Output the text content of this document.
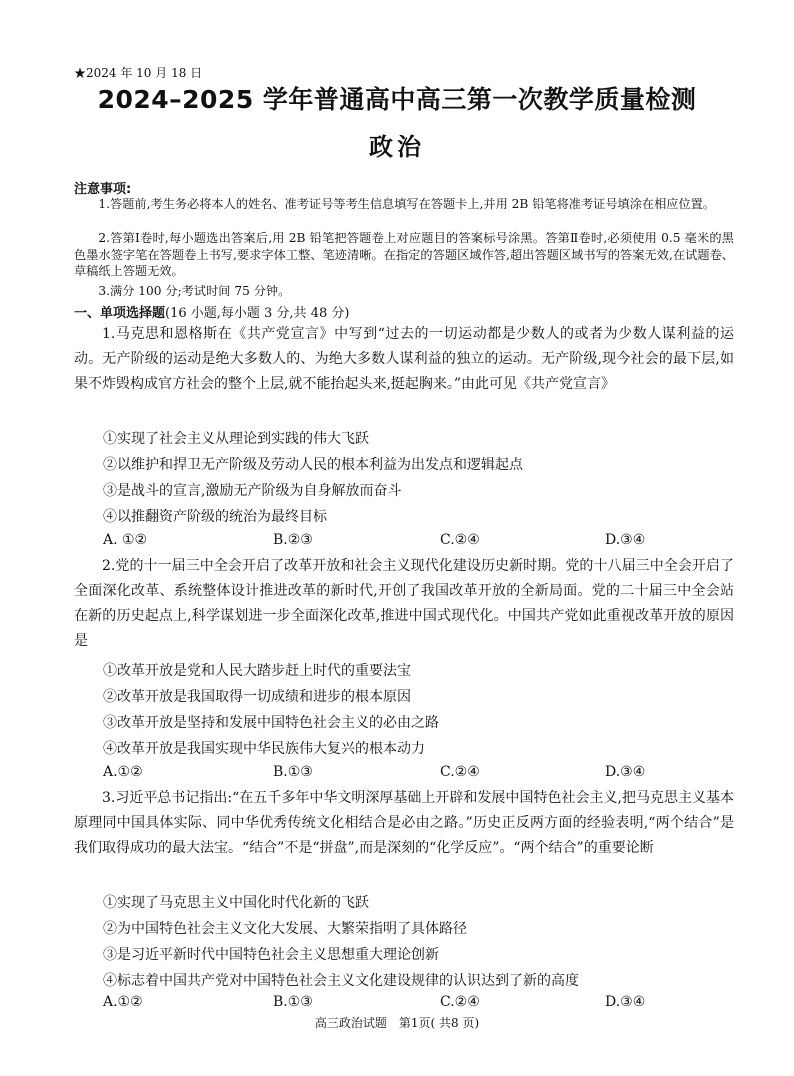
★2024 年 10 月 18 日
2024–2025 学年普通高中高三第一次教学质量检测
政治
注意事项:

1.答题前,考生务必将本人的姓名、准考证号等考生信息填写在答题卡上,并用 2B 铅笔将准考证号填涂在相应位置。

2.答第Ⅰ卷时,每小题选出答案后,用 2B 铅笔把答题卷上对应题目的答案标号涂黑。答第Ⅱ卷时,必须使用 0.5 毫米的黑色墨水签字笔在答题卷上书写,要求字体工整、笔迹清晰。在指定的答题区域作答,超出答题区域书写的答案无效,在试题卷、草稿纸上答题无效。

3.满分 100 分;考试时间 75 分钟。

一、单项选择题(16 小题,每小题 3 分,共 48 分)

1.马克思和恩格斯在《共产党宣言》中写到“过去的一切运动都是少数人的或者为少数人谋利益的运动。无产阶级的运动是绝大多数人的、为绝大多数人谋利益的独立的运动。无产阶级,现今社会的最下层,如果不炸毁构成官方社会的整个上层,就不能抬起头来,挺起胸来。”由此可见《共产党宣言》

①实现了社会主义从理论到实践的伟大飞跃
②以维护和捍卫无产阶级及劳动人民的根本利益为出发点和逻辑起点
③是战斗的宣言,激励无产阶级为自身解放而奋斗
④以推翻资产阶级的统治为最终目标
A. ①②	B.②③	C.②④	D.③④

2.党的十一届三中全会开启了改革开放和社会主义现代化建设历史新时期。党的十八届三中全会开启了全面深化改革、系统整体设计推进改革的新时代,开创了我国改革开放的全新局面。党的二十届三中全会站在新的历史起点上,科学谋划进一步全面深化改革,推进中国式现代化。中国共产党如此重视改革开放的原因是

①改革开放是党和人民大踏步赶上时代的重要法宝
②改革开放是我国取得一切成绩和进步的根本原因
③改革开放是坚持和发展中国特色社会主义的必由之路
④改革开放是我国实现中华民族伟大复兴的根本动力
A.①②	B.①③	C.②④	D.③④

3.习近平总书记指出:“在五千多年中华文明深厚基础上开辟和发展中国特色社会主义,把马克思主义基本原理同中国具体实际、同中华优秀传统文化相结合是必由之路。”历史正反两方面的经验表明,“两个结合”是我们取得成功的最大法宝。“结合”不是“拼盘”,而是深刻的“化学反应”。“两个结合”的重要论断

①实现了马克思主义中国化时代化新的飞跃
②为中国特色社会主义文化大发展、大繁荣指明了具体路径
③是习近平新时代中国特色社会主义思想重大理论创新
④标志着中国共产党对中国特色社会主义文化建设规律的认识达到了新的高度
A.①②	B.①③	C.②④	D.③④
高三政治试题　第1页( 共8 页)
